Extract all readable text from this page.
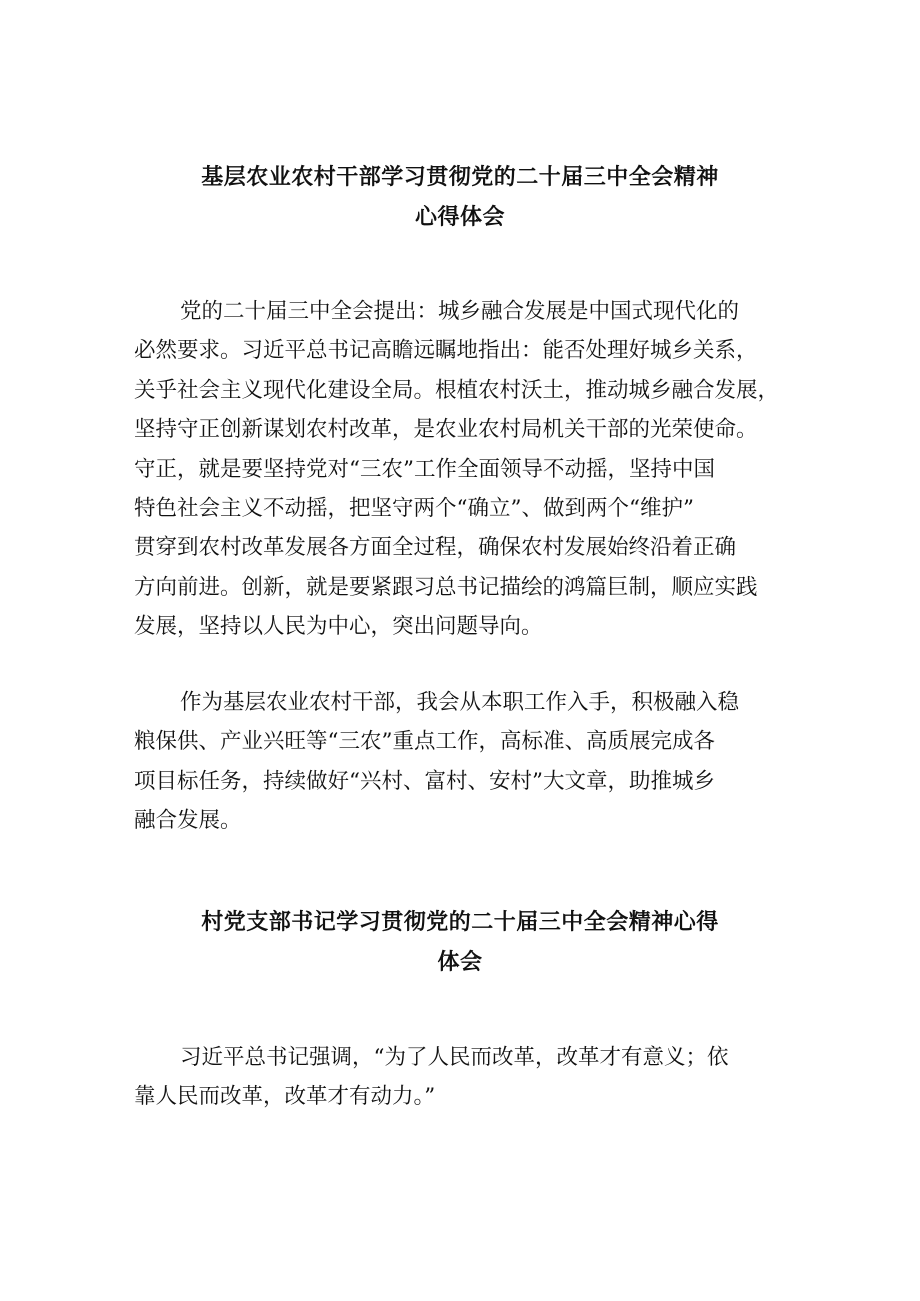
基层农业农村干部学习贯彻党的二十届三中全会精神
心得体会

党的二十届三中全会提出：城乡融合发展是中国式现代化的
必然要求。习近平总书记高瞻远瞩地指出：能否处理好城乡关系，
关乎社会主义现代化建设全局。根植农村沃土，推动城乡融合发展，
坚持守正创新谋划农村改革，是农业农村局机关干部的光荣使命。
守正，就是要坚持党对“三农”工作全面领导不动摇，坚持中国
特色社会主义不动摇，把坚守两个“确立”、做到两个“维护”
贯穿到农村改革发展各方面全过程，确保农村发展始终沿着正确
方向前进。创新，就是要紧跟习总书记描绘的鸿篇巨制，顺应实践
发展，坚持以人民为中心，突出问题导向。

作为基层农业农村干部，我会从本职工作入手，积极融入稳
粮保供、产业兴旺等“三农”重点工作，高标准、高质展完成各
项目标任务，持续做好“兴村、富村、安村”大文章，助推城乡
融合发展。

村党支部书记学习贯彻党的二十届三中全会精神心得
体会

习近平总书记强调，“为了人民而改革，改革才有意义；依
靠人民而改革，改革才有动力。”
